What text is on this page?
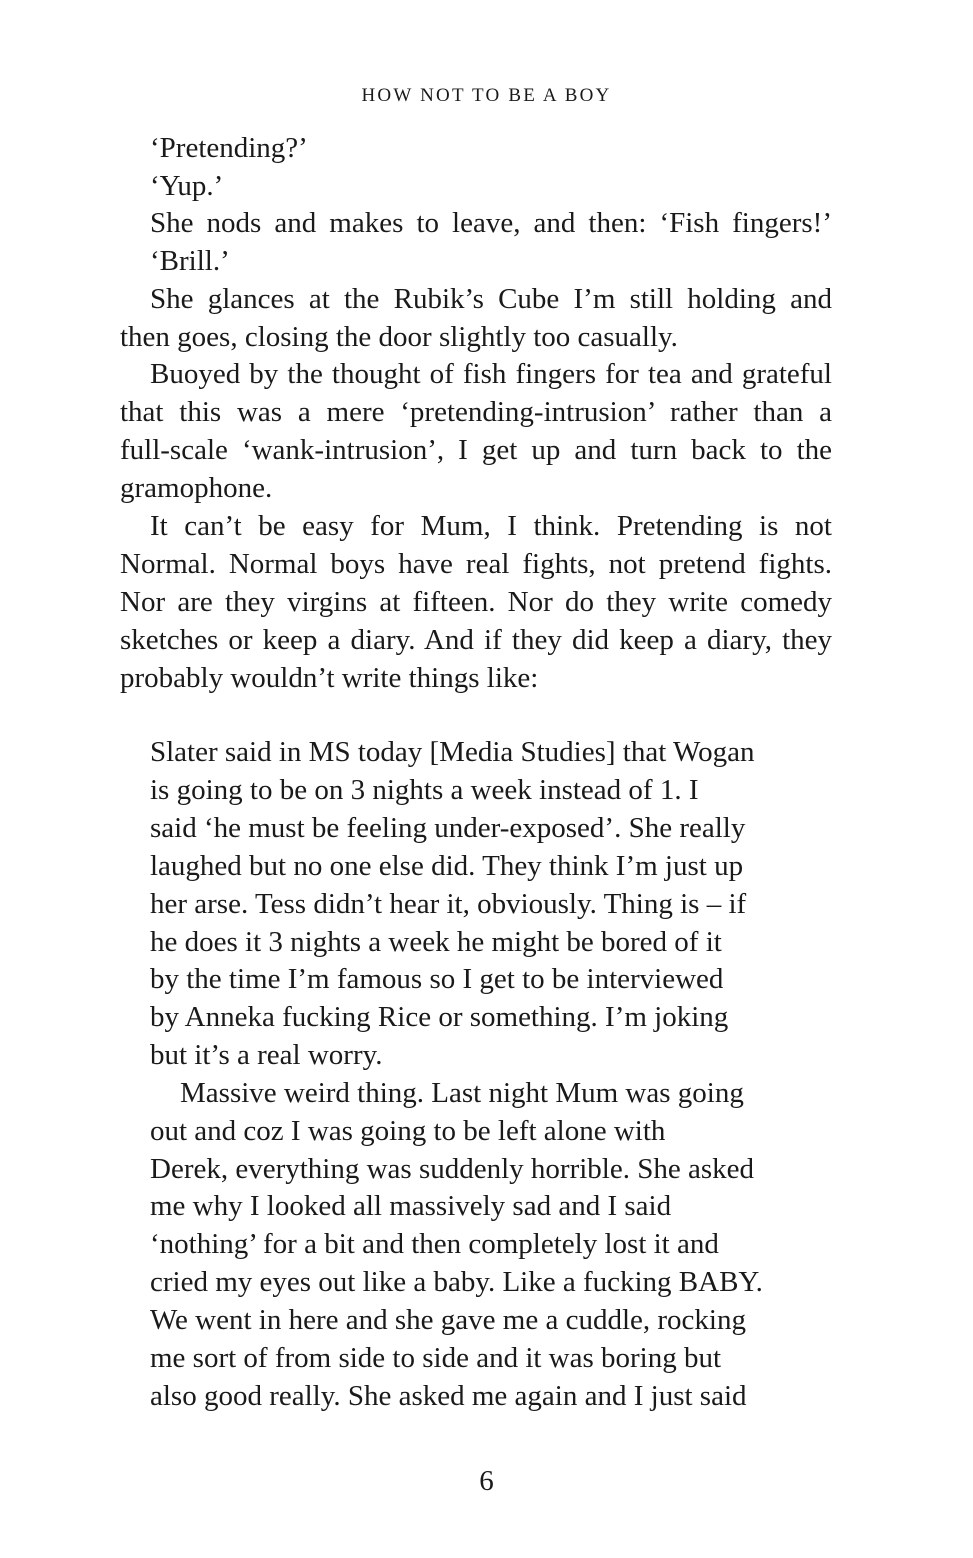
HOW NOT TO BE A BOY
‘Pretending?’
‘Yup.’
She nods and makes to leave, and then: ‘Fish fingers!’
‘Brill.’
She glances at the Rubik’s Cube I’m still holding and
then goes, closing the door slightly too casually.
Buoyed by the thought of fish fingers for tea and grateful
that this was a mere ‘pretending-intrusion’ rather than a
full-scale ‘wank-intrusion’, I get up and turn back to the
gramophone.
It can’t be easy for Mum, I think. Pretending is not
Normal. Normal boys have real fights, not pretend fights.
Nor are they virgins at fifteen. Nor do they write comedy
sketches or keep a diary. And if they did keep a diary, they
probably wouldn’t write things like:
Slater said in MS today [Media Studies] that Wogan
is going to be on 3 nights a week instead of 1. I
said ‘he must be feeling under-exposed’. She really
laughed but no one else did. They think I’m just up
her arse. Tess didn’t hear it, obviously. Thing is – if
he does it 3 nights a week he might be bored of it
by the time I’m famous so I get to be interviewed
by Anneka fucking Rice or something. I’m joking
but it’s a real worry.
Massive weird thing. Last night Mum was going
out and coz I was going to be left alone with
Derek, everything was suddenly horrible. She asked
me why I looked all massively sad and I said
‘nothing’ for a bit and then completely lost it and
cried my eyes out like a baby. Like a fucking BABY.
We went in here and she gave me a cuddle, rocking
me sort of from side to side and it was boring but
also good really. She asked me again and I just said
6
